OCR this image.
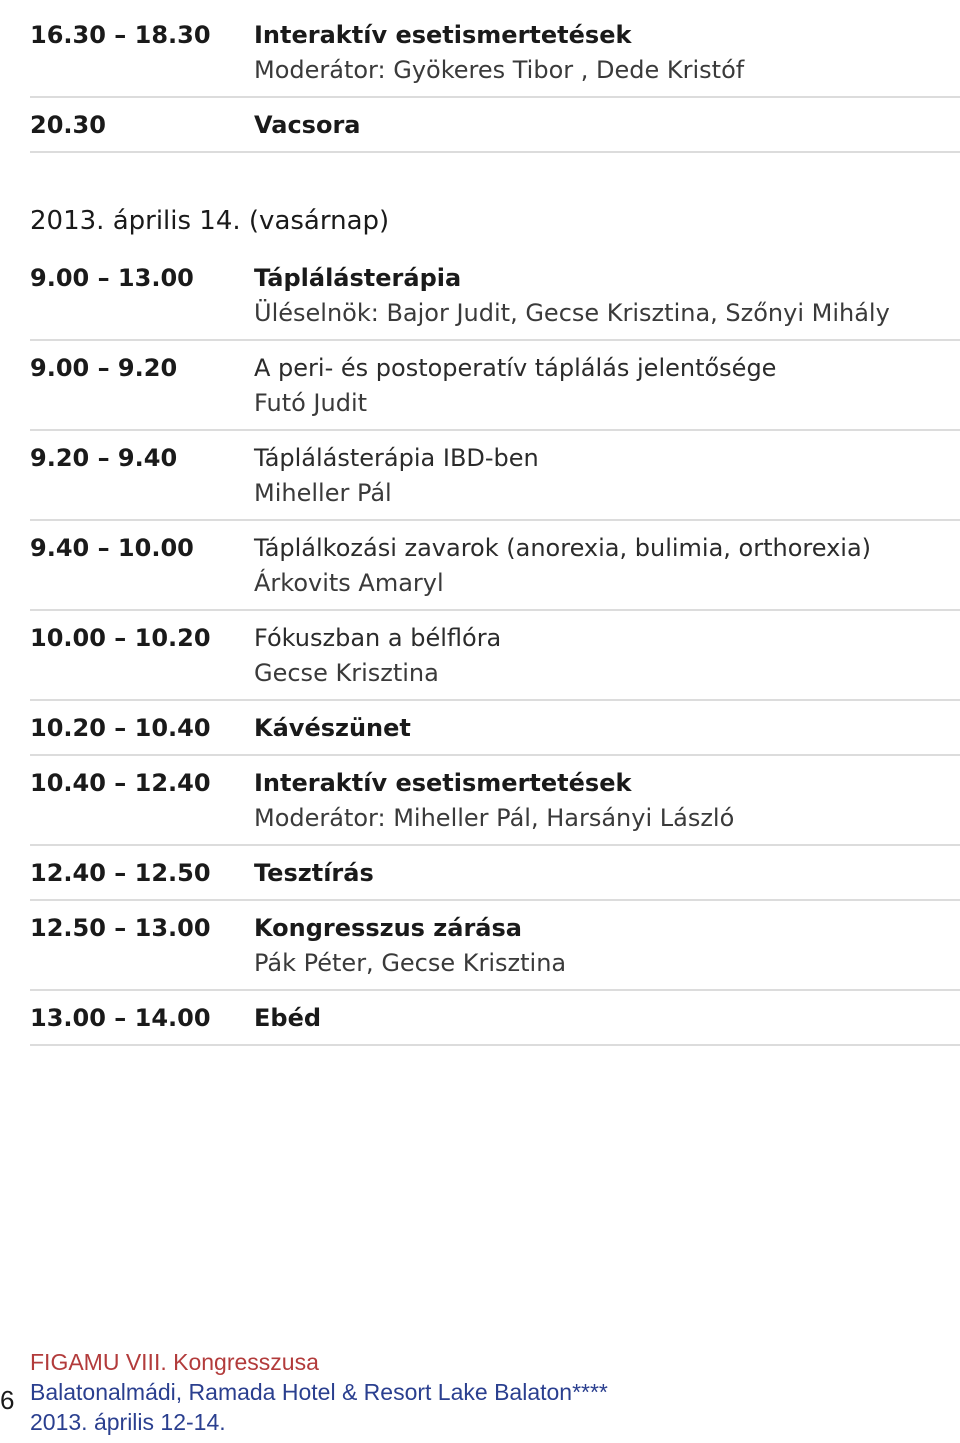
16.30 – 18.30	Interaktív esetismertetések
Moderátor: Gyökeres Tibor , Dede Kristóf
20.30	Vacsora
2013. április 14. (vasárnap)
9.00 – 13.00	Táplálásterápia
Üléselnök: Bajor Judit, Gecse Krisztina, Szőnyi Mihály
9.00 – 9.20	A peri- és postoperatív táplálás jelentősége
Futó Judit
9.20 – 9.40	Táplálásterápia IBD-ben
Miheller Pál
9.40 – 10.00	Táplálkozási zavarok (anorexia, bulimia, orthorexia)
Árkovits Amaryl
10.00 – 10.20	Fókuszban a bélflóra
Gecse Krisztina
10.20 – 10.40	Kávészünet
10.40 – 12.40	Interaktív esetismertetések
Moderátor: Miheller Pál, Harsányi László
12.40 – 12.50	Tesztírás
12.50 – 13.00	Kongresszus zárása
Pák Péter, Gecse Krisztina
13.00 – 14.00	Ebéd
6
FIGAMU VIII. Kongresszusa
Balatonalmádi, Ramada Hotel & Resort Lake Balaton****
2013. április 12-14.
